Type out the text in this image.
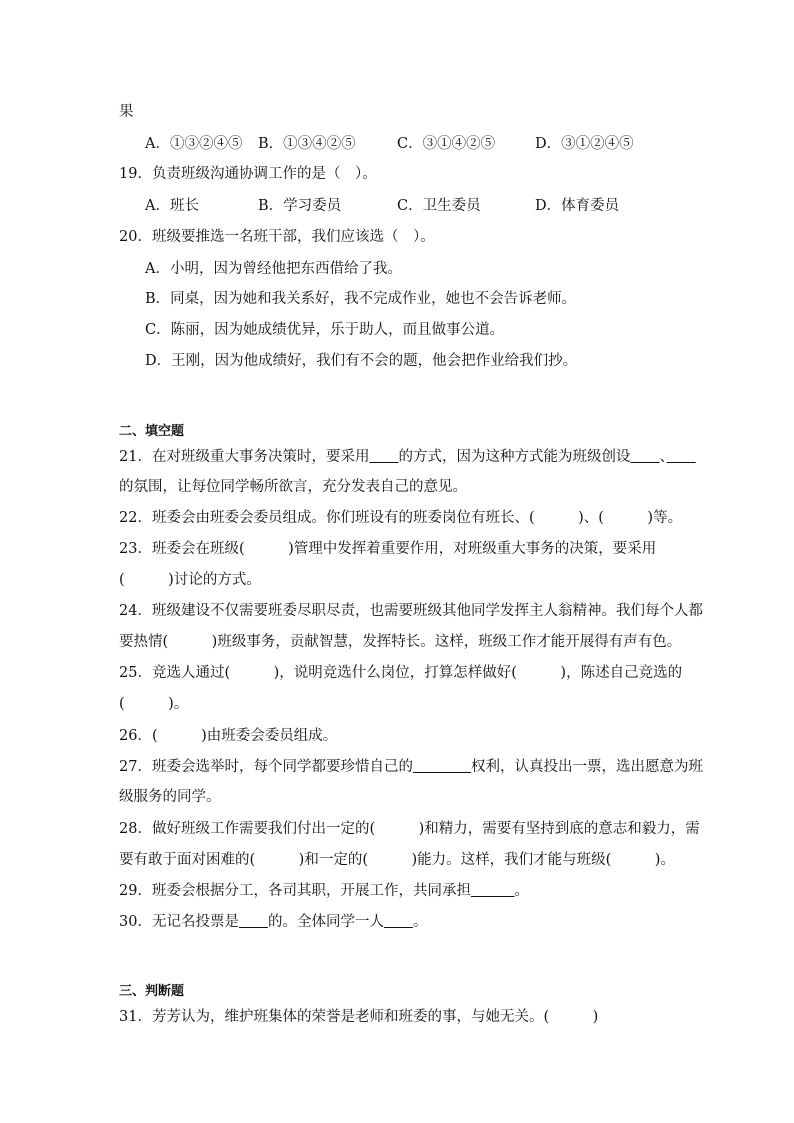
果
A．①③②④⑤ B．①③④②⑤	C．③①④②⑤	D．③①②④⑤
19．负责班级沟通协调工作的是（　）。
A．班长	B．学习委员	C．卫生委员	D．体育委员
20．班级要推选一名班干部，我们应该选（　）。
A．小明，因为曾经他把东西借给了我。
B．同桌，因为她和我关系好，我不完成作业，她也不会告诉老师。
C．陈丽，因为她成绩优异，乐于助人，而且做事公道。
D．王刚，因为他成绩好，我们有不会的题，他会把作业给我们抄。
二、填空题
21．在对班级重大事务决策时，要采用　　 的方式，因为这种方式能为班级创设　　 、　　
的氛围，让每位同学畅所欲言，充分发表自己的意见。
22．班委会由班委会委员组成。你们班设有的班委岗位有班长、(　　　)、(　　　)等。
23．班委会在班级(　　　)管理中发挥着重要作用，对班级重大事务的决策，要采用
(　　　)讨论的方式。
24．班级建设不仅需要班委尽职尽责，也需要班级其他同学发挥主人翁精神。我们每个人都
要热情(　　　)班级事务，贡献智慧，发挥特长。这样，班级工作才能开展得有声有色。
25．竞选人通过(　　　)，说明竞选什么岗位，打算怎样做好(　　　)，陈述自己竞选的
(　　　)。
26．(　　　)由班委会委员组成。
27．班委会选举时，每个同学都要珍惜自己的　　　　	权利，认真投出一票，选出愿意为班
级服务的同学。
28．做好班级工作需要我们付出一定的(　　　)和精力，需要有坚持到底的意志和毅力，需
要有敢于面对困难的(　　　)和一定的(　　　)能力。这样，我们才能与班级(　　　)。
29．班委会根据分工，各司其职，开展工作，共同承担　　　	。
30．无记名投票是　　 的。全体同学一人　　 。
三、判断题
31．芳芳认为，维护班集体的荣誉是老师和班委的事，与她无关。(　　　)
